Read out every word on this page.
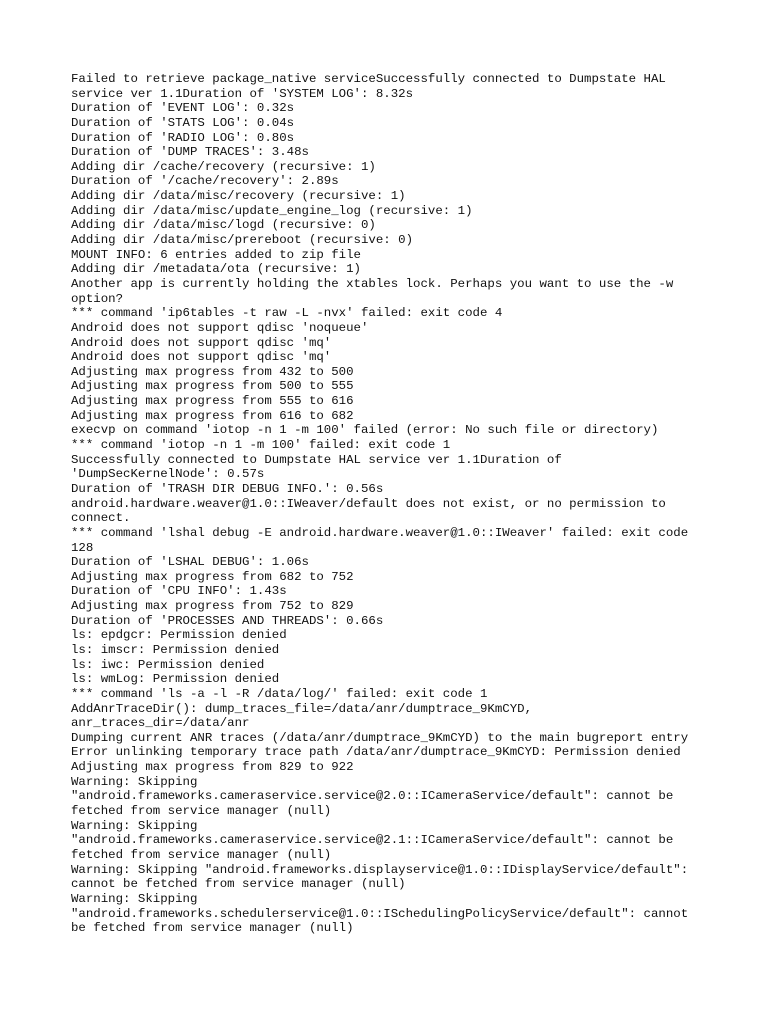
Failed to retrieve package_native serviceSuccessfully connected to Dumpstate HAL
service ver 1.1Duration of 'SYSTEM LOG': 8.32s
Duration of 'EVENT LOG': 0.32s
Duration of 'STATS LOG': 0.04s
Duration of 'RADIO LOG': 0.80s
Duration of 'DUMP TRACES': 3.48s
Adding dir /cache/recovery (recursive: 1)
Duration of '/cache/recovery': 2.89s
Adding dir /data/misc/recovery (recursive: 1)
Adding dir /data/misc/update_engine_log (recursive: 1)
Adding dir /data/misc/logd (recursive: 0)
Adding dir /data/misc/prereboot (recursive: 0)
MOUNT INFO: 6 entries added to zip file
Adding dir /metadata/ota (recursive: 1)
Another app is currently holding the xtables lock. Perhaps you want to use the -w
option?
*** command 'ip6tables -t raw -L -nvx' failed: exit code 4
Android does not support qdisc 'noqueue'
Android does not support qdisc 'mq'
Android does not support qdisc 'mq'
Adjusting max progress from 432 to 500
Adjusting max progress from 500 to 555
Adjusting max progress from 555 to 616
Adjusting max progress from 616 to 682
execvp on command 'iotop -n 1 -m 100' failed (error: No such file or directory)
*** command 'iotop -n 1 -m 100' failed: exit code 1
Successfully connected to Dumpstate HAL service ver 1.1Duration of
'DumpSecKernelNode': 0.57s
Duration of 'TRASH DIR DEBUG INFO.': 0.56s
android.hardware.weaver@1.0::IWeaver/default does not exist, or no permission to
connect.
*** command 'lshal debug -E android.hardware.weaver@1.0::IWeaver' failed: exit code
128
Duration of 'LSHAL DEBUG': 1.06s
Adjusting max progress from 682 to 752
Duration of 'CPU INFO': 1.43s
Adjusting max progress from 752 to 829
Duration of 'PROCESSES AND THREADS': 0.66s
ls: epdgcr: Permission denied
ls: imscr: Permission denied
ls: iwc: Permission denied
ls: wmLog: Permission denied
*** command 'ls -a -l -R /data/log/' failed: exit code 1
AddAnrTraceDir(): dump_traces_file=/data/anr/dumptrace_9KmCYD,
anr_traces_dir=/data/anr
Dumping current ANR traces (/data/anr/dumptrace_9KmCYD) to the main bugreport entry
Error unlinking temporary trace path /data/anr/dumptrace_9KmCYD: Permission denied
Adjusting max progress from 829 to 922
Warning: Skipping
"android.frameworks.cameraservice.service@2.0::ICameraService/default": cannot be
fetched from service manager (null)
Warning: Skipping
"android.frameworks.cameraservice.service@2.1::ICameraService/default": cannot be
fetched from service manager (null)
Warning: Skipping "android.frameworks.displayservice@1.0::IDisplayService/default":
cannot be fetched from service manager (null)
Warning: Skipping
"android.frameworks.schedulerservice@1.0::ISchedulingPolicyService/default": cannot
be fetched from service manager (null)
